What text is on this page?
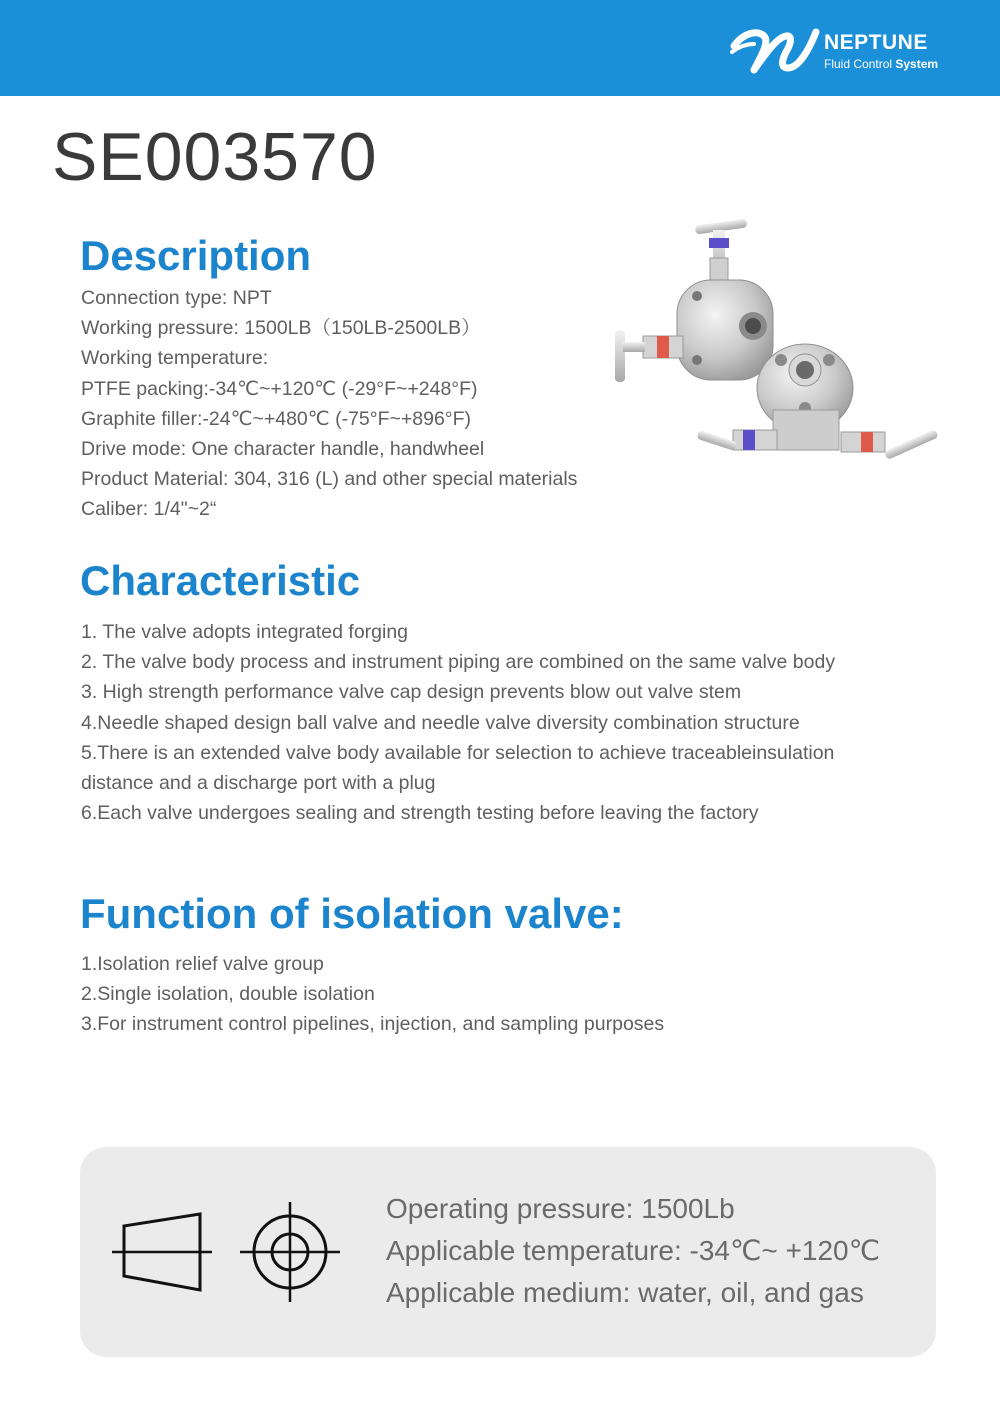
NEPTUNE
Fluid Control System
SE003570
Description
Connection type: NPT
Working pressure: 1500LB（150LB-2500LB）
Working temperature:
PTFE packing:-34℃~+120℃ (-29°F~+248°F)
Graphite filler:-24℃~+480℃ (-75°F~+896°F)
Drive mode: One character handle, handwheel
Product Material: 304, 316 (L) and other special materials
Caliber: 1/4"~2“
Characteristic
1. The valve adopts integrated forging
2. The valve body process and instrument piping are combined on the same valve body
3. High strength performance valve cap design prevents blow out valve stem
4.Needle shaped design ball valve and needle valve diversity combination structure
5.There is an extended valve body available for selection to achieve traceableinsulation
distance and a discharge port with a plug
6.Each valve undergoes sealing and strength testing before leaving the factory
Function of isolation valve:
1.Isolation relief valve group
2.Single isolation, double isolation
3.For instrument control pipelines, injection, and sampling purposes
Operating pressure: 1500Lb
Applicable temperature: -34℃~ +120℃
Applicable medium: water, oil, and gas
